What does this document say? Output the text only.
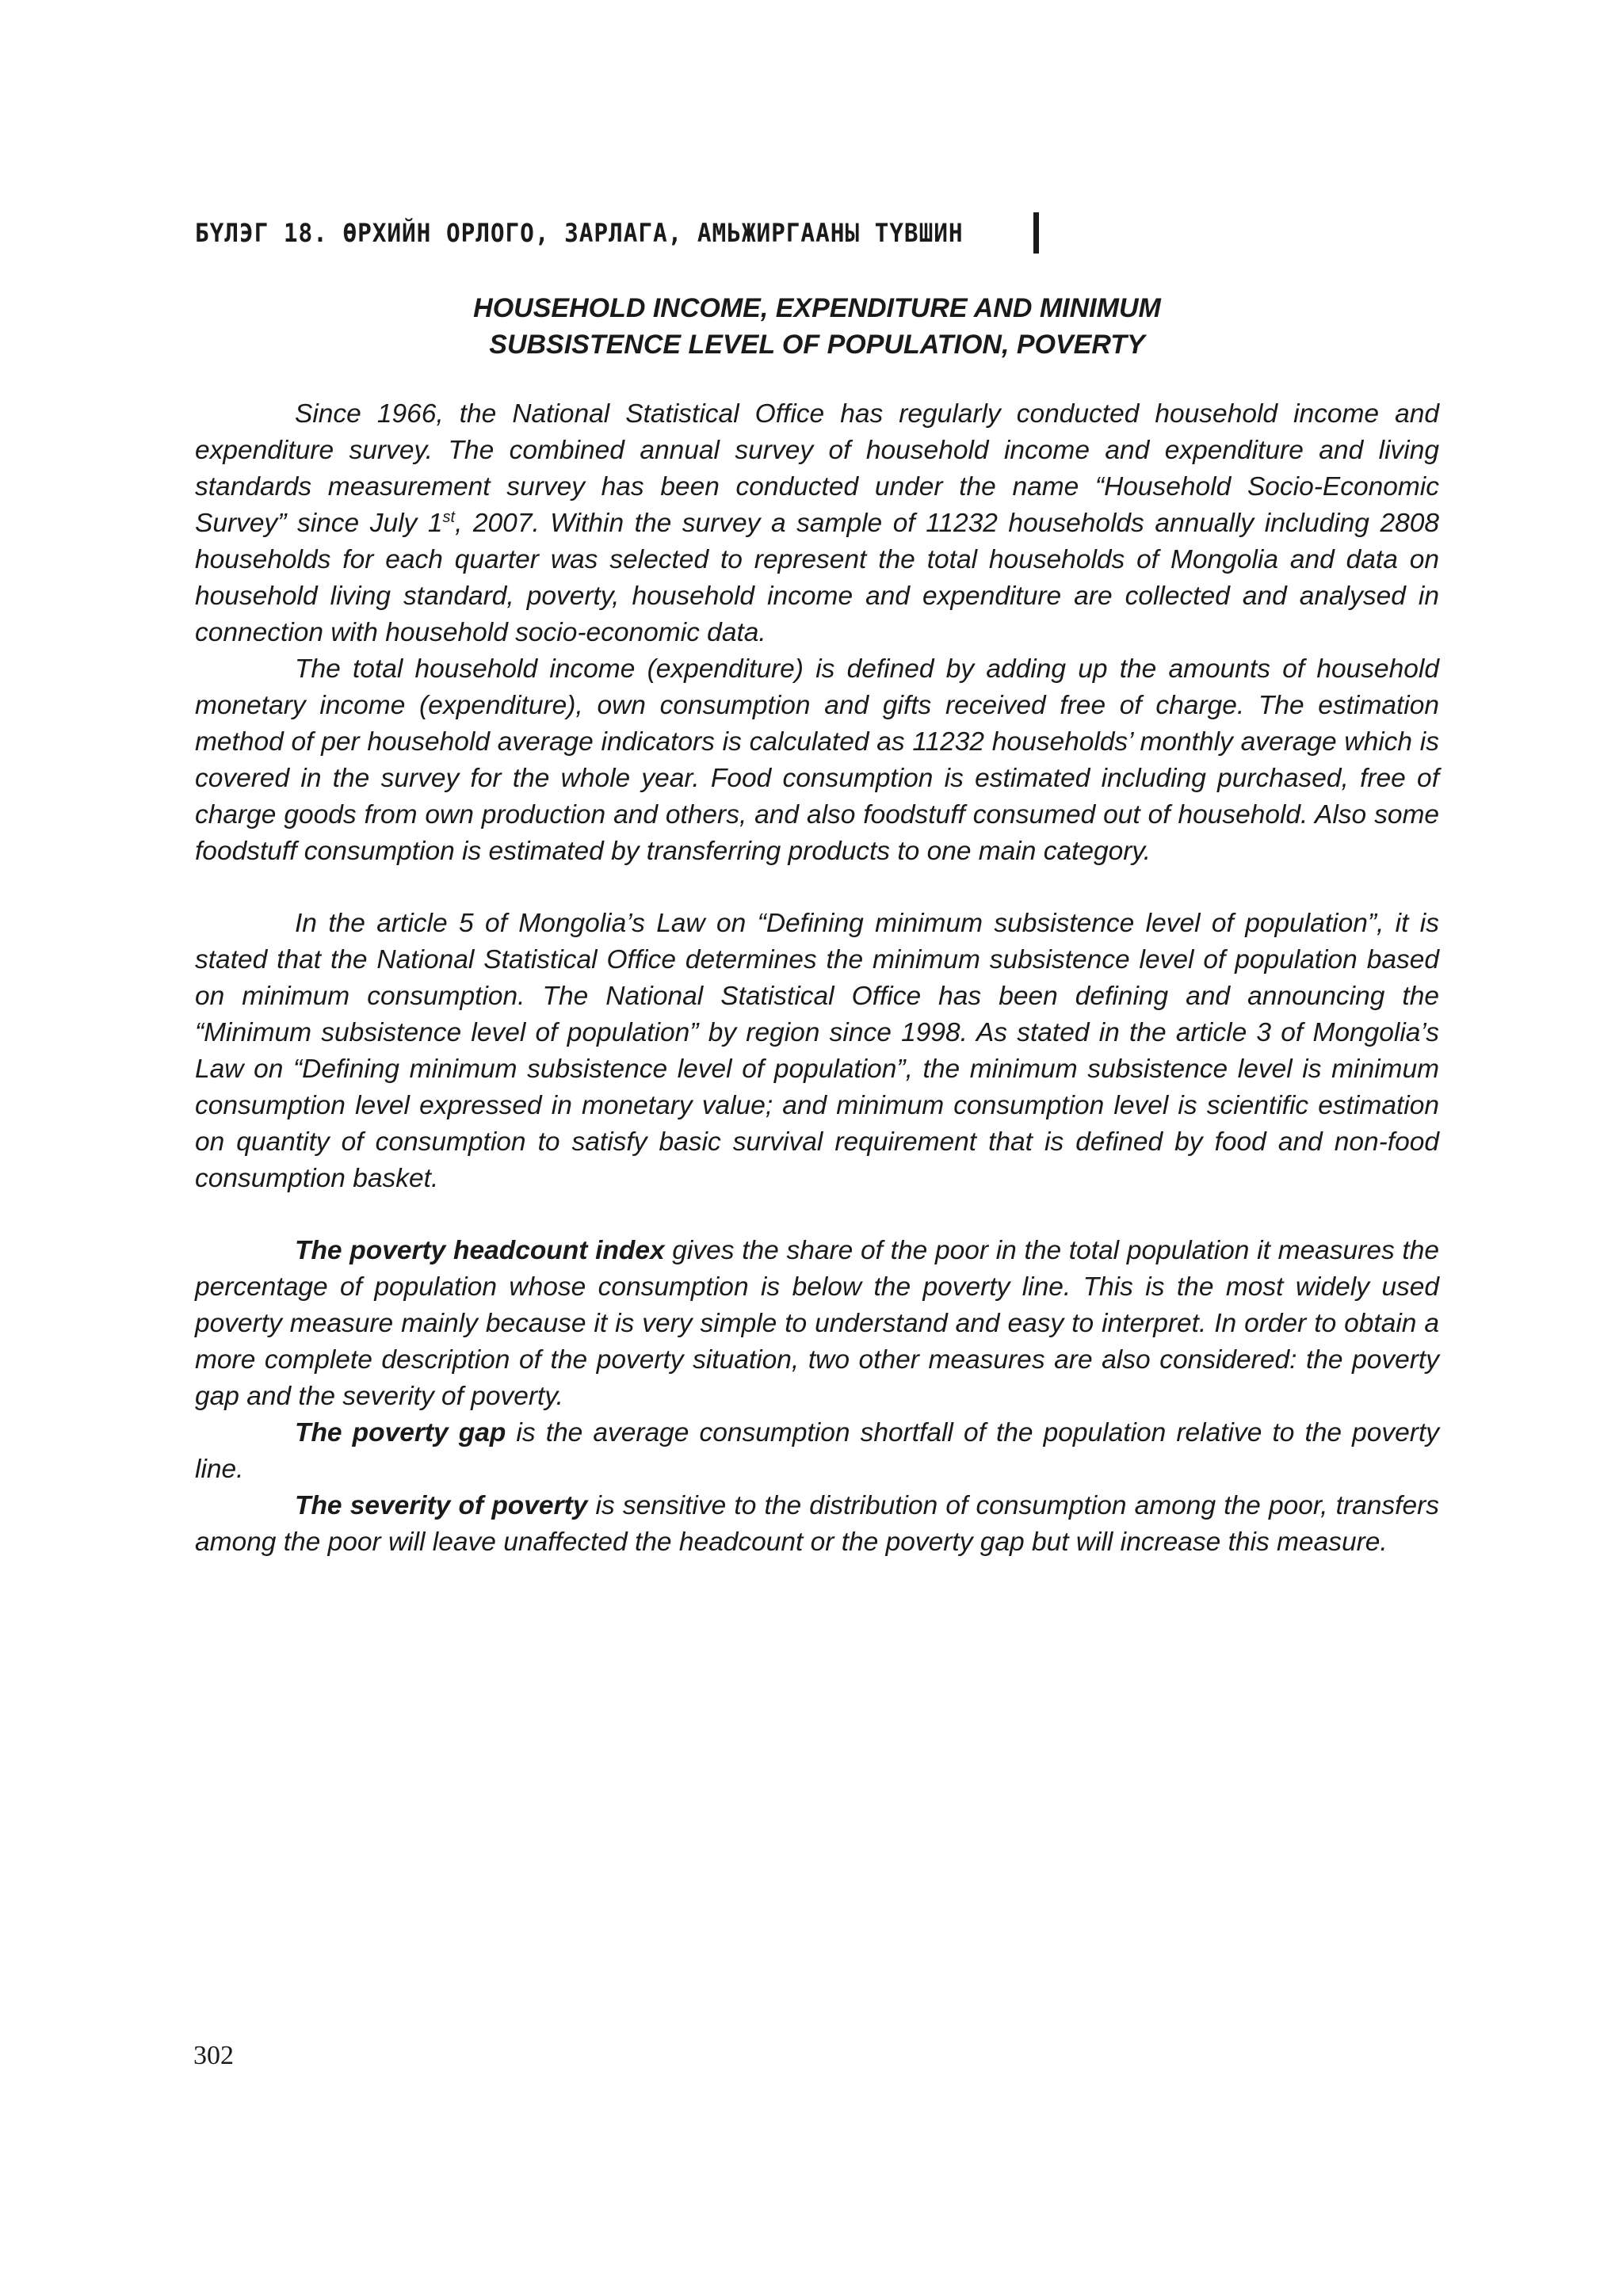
БҮЛЭГ 18. ӨРХИЙН ОРЛОГО, ЗАРЛАГА, АМЬЖИРГААНЫ ТҮВШИН
HOUSEHOLD INCOME, EXPENDITURE AND MINIMUM
SUBSISTENCE LEVEL OF POPULATION, POVERTY

Since 1966, the National Statistical Office has regularly conducted household income and expenditure survey. The combined annual survey of household income and expenditure and living standards measurement survey has been conducted under the name “Household Socio-Economic Survey” since July 1st, 2007. Within the survey a sample of 11232 households annually including 2808 households for each quarter was selected to represent the total households of Mongolia and data on household living standard, poverty, household income and expenditure are collected and analysed in connection with household socio-economic data.

The total household income (expenditure) is defined by adding up the amounts of household monetary income (expenditure), own consumption and gifts received free of charge. The estimation method of per household average indicators is calculated as 11232 households’ monthly average which is covered in the survey for the whole year. Food consumption is estimated including purchased, free of charge goods from own production and others, and also foodstuff consumed out of household. Also some foodstuff consumption is estimated by transferring products to one main category.

In the article 5 of Mongolia’s Law on “Defining minimum subsistence level of population”, it is stated that the National Statistical Office determines the minimum subsistence level of population based on minimum consumption. The National Statistical Office has been defining and announcing the “Minimum subsistence level of population” by region since 1998. As stated in the article 3 of Mongolia’s Law on “Defining minimum subsistence level of population”, the minimum subsistence level is minimum consumption level expressed in monetary value; and minimum consumption level is scientific estimation on quantity of consumption to satisfy basic survival requirement that is defined by food and non-food consumption basket.

The poverty headcount index gives the share of the poor in the total population it measures the percentage of population whose consumption is below the poverty line. This is the most widely used poverty measure mainly because it is very simple to understand and easy to interpret. In order to obtain a more complete description of the poverty situation, two other measures are also considered: the poverty gap and the severity of poverty.

The poverty gap is the average consumption shortfall of the population relative to the poverty line.

The severity of poverty is sensitive to the distribution of consumption among the poor, transfers among the poor will leave unaffected the headcount or the poverty gap but will increase this measure.

302
